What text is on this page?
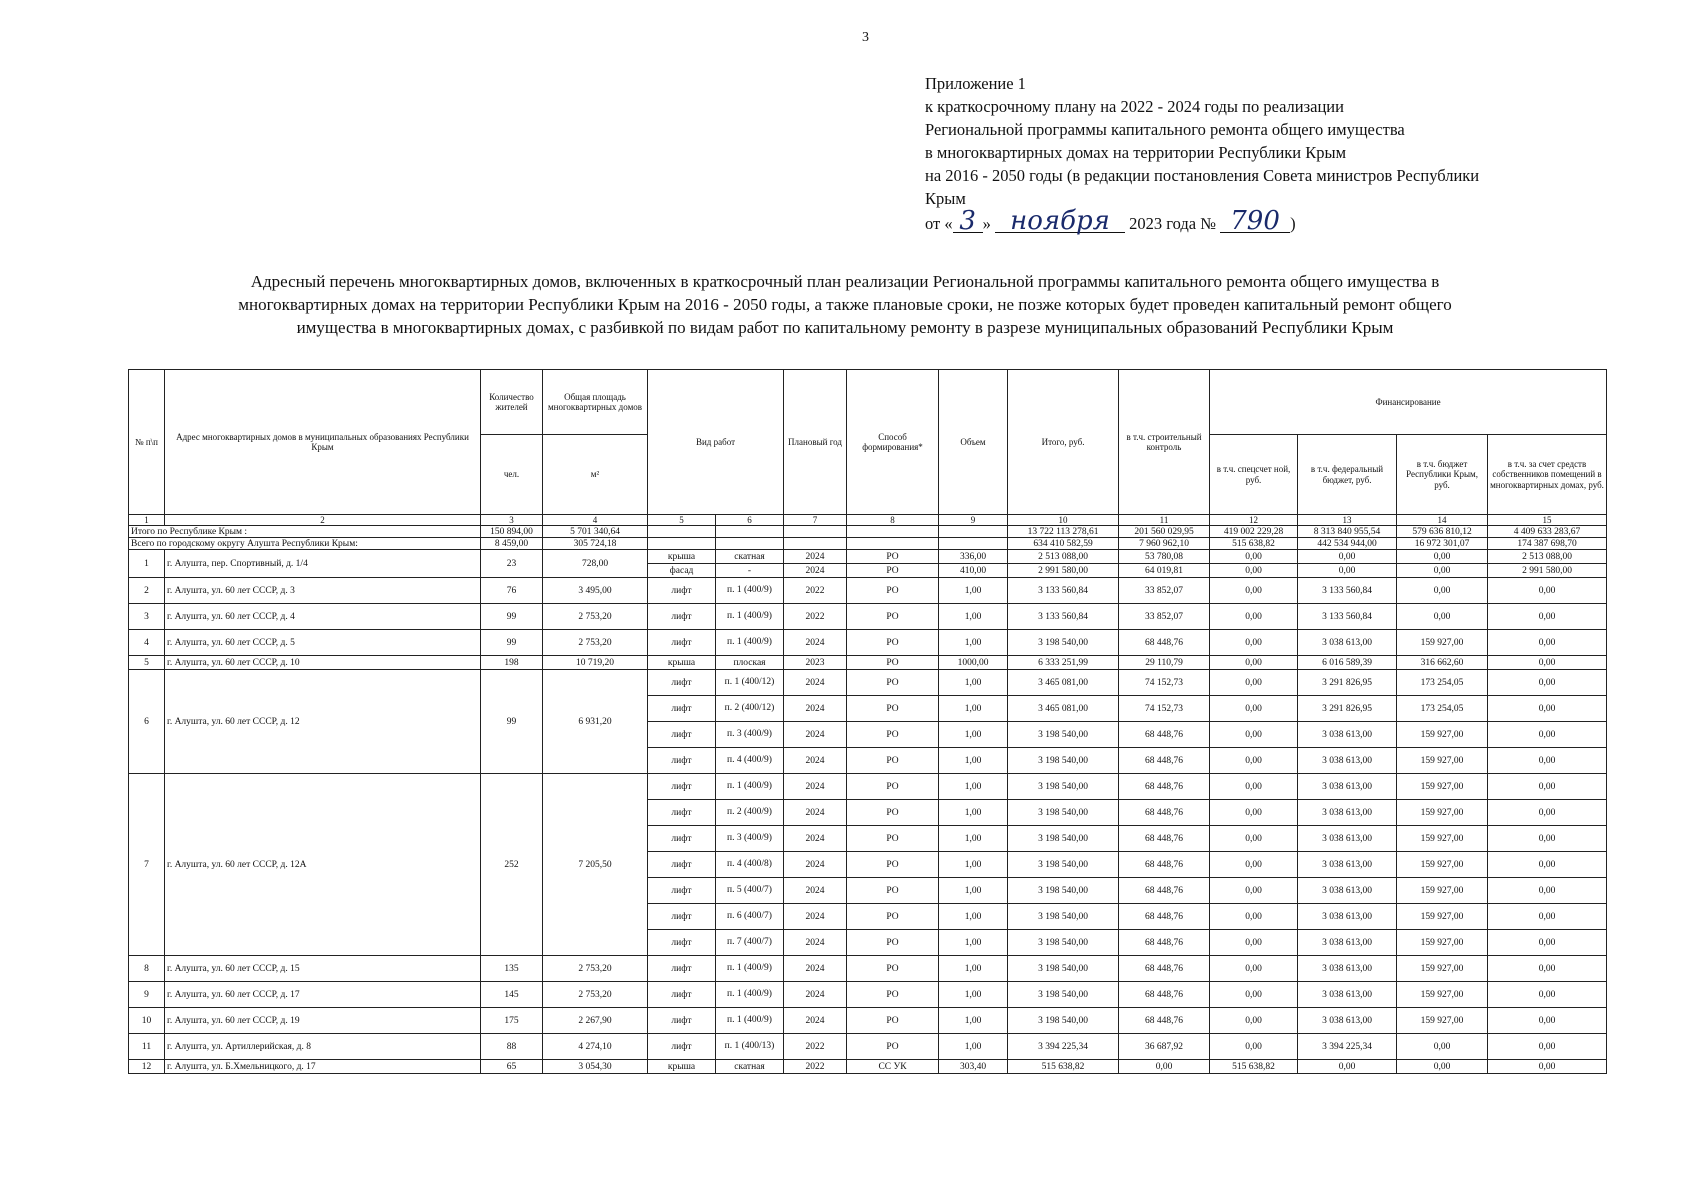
3
Приложение 1
к краткосрочному плану на 2022 - 2024 годы по реализации
Региональной программы капитального ремонта общего имущества
в многоквартирных домах на территории Республики Крым
на 2016 - 2050 годы (в редакции постановления Совета министров Республики
Крым
от « 3 » ноября 2023 года № 790 )
Адресный перечень многоквартирных домов, включенных в краткосрочный план реализации Региональной программы капитального ремонта общего имущества в
многоквартирных домах на территории Республики Крым на 2016 - 2050 годы, а также плановые сроки, не позже которых будет проведен капитальный ремонт общего
имущества в многоквартирных домах, с разбивкой по видам работ по капитальному ремонту в разрезе муниципальных образований Республики Крым
№ п\п	Адрес многоквартирных домов в муниципальных образованиях Республики Крым	Количество жителей	Общая площадь многоквартирных домов	Вид работ		Плановый год	Способ формирования*	Объем	Итого, руб.	в т.ч. строительный контроль	Финансирование			
		чел.	м²								в т.ч. спецсчет ной, руб.	в т.ч. федеральный бюджет, руб.	в т.ч. бюджет Республики Крым, руб.	в т.ч. за счет средств собственников помещений в многоквартирных домах, руб.
1	2	3	4	5	6	7	8	9	10	11	12	13	14	15
Итого по Республике Крым :		150 894,00	5 701 340,64						13 722 113 278,61	201 560 029,95	419 002 229,28	8 313 840 955,54	579 636 810,12	4 409 633 283,67
Всего по городскому округу Алушта Республики Крым:		8 459,00	305 724,18						634 410 582,59	7 960 962,10	515 638,82	442 534 944,00	16 972 301,07	174 387 698,70
1	г. Алушта, пер. Спортивный, д. 1/4	23	728,00	крыша	скатная	2024	РО	336,00	2 513 088,00	53 780,08	0,00	0,00	0,00	2 513 088,00
				фасад	-	2024	РО	410,00	2 991 580,00	64 019,81	0,00	0,00	0,00	2 991 580,00
2	г. Алушта, ул. 60 лет СССР, д. 3	76	3 495,00	лифт	п. 1 (400/9)	2022	РО	1,00	3 133 560,84	33 852,07	0,00	3 133 560,84	0,00	0,00
3	г. Алушта, ул. 60 лет СССР, д. 4	99	2 753,20	лифт	п. 1 (400/9)	2022	РО	1,00	3 133 560,84	33 852,07	0,00	3 133 560,84	0,00	0,00
4	г. Алушта, ул. 60 лет СССР, д. 5	99	2 753,20	лифт	п. 1 (400/9)	2024	РО	1,00	3 198 540,00	68 448,76	0,00	3 038 613,00	159 927,00	0,00
5	г. Алушта, ул. 60 лет СССР, д. 10	198	10 719,20	крыша	плоская	2023	РО	1000,00	6 333 251,99	29 110,79	0,00	6 016 589,39	316 662,60	0,00
6	г. Алушта, ул. 60 лет СССР, д. 12	99	6 931,20	лифт	п. 1 (400/12)	2024	РО	1,00	3 465 081,00	74 152,73	0,00	3 291 826,95	173 254,05	0,00
				лифт	п. 2 (400/12)	2024	РО	1,00	3 465 081,00	74 152,73	0,00	3 291 826,95	173 254,05	0,00
				лифт	п. 3 (400/9)	2024	РО	1,00	3 198 540,00	68 448,76	0,00	3 038 613,00	159 927,00	0,00
				лифт	п. 4 (400/9)	2024	РО	1,00	3 198 540,00	68 448,76	0,00	3 038 613,00	159 927,00	0,00
7	г. Алушта, ул. 60 лет СССР, д. 12А	252	7 205,50	лифт	п. 1 (400/9)	2024	РО	1,00	3 198 540,00	68 448,76	0,00	3 038 613,00	159 927,00	0,00
				лифт	п. 2 (400/9)	2024	РО	1,00	3 198 540,00	68 448,76	0,00	3 038 613,00	159 927,00	0,00
				лифт	п. 3 (400/9)	2024	РО	1,00	3 198 540,00	68 448,76	0,00	3 038 613,00	159 927,00	0,00
				лифт	п. 4 (400/8)	2024	РО	1,00	3 198 540,00	68 448,76	0,00	3 038 613,00	159 927,00	0,00
				лифт	п. 5 (400/7)	2024	РО	1,00	3 198 540,00	68 448,76	0,00	3 038 613,00	159 927,00	0,00
				лифт	п. 6 (400/7)	2024	РО	1,00	3 198 540,00	68 448,76	0,00	3 038 613,00	159 927,00	0,00
				лифт	п. 7 (400/7)	2024	РО	1,00	3 198 540,00	68 448,76	0,00	3 038 613,00	159 927,00	0,00
8	г. Алушта, ул. 60 лет СССР, д. 15	135	2 753,20	лифт	п. 1 (400/9)	2024	РО	1,00	3 198 540,00	68 448,76	0,00	3 038 613,00	159 927,00	0,00
9	г. Алушта, ул. 60 лет СССР, д. 17	145	2 753,20	лифт	п. 1 (400/9)	2024	РО	1,00	3 198 540,00	68 448,76	0,00	3 038 613,00	159 927,00	0,00
10	г. Алушта, ул. 60 лет СССР, д. 19	175	2 267,90	лифт	п. 1 (400/9)	2024	РО	1,00	3 198 540,00	68 448,76	0,00	3 038 613,00	159 927,00	0,00
11	г. Алушта, ул. Артиллерийская, д. 8	88	4 274,10	лифт	п. 1 (400/13)	2022	РО	1,00	3 394 225,34	36 687,92	0,00	3 394 225,34	0,00	0,00
12	г. Алушта, ул. Б.Хмельницкого, д. 17	65	3 054,30	крыша	скатная	2022	СС УК	303,40	515 638,82	0,00	515 638,82	0,00	0,00	0,00
